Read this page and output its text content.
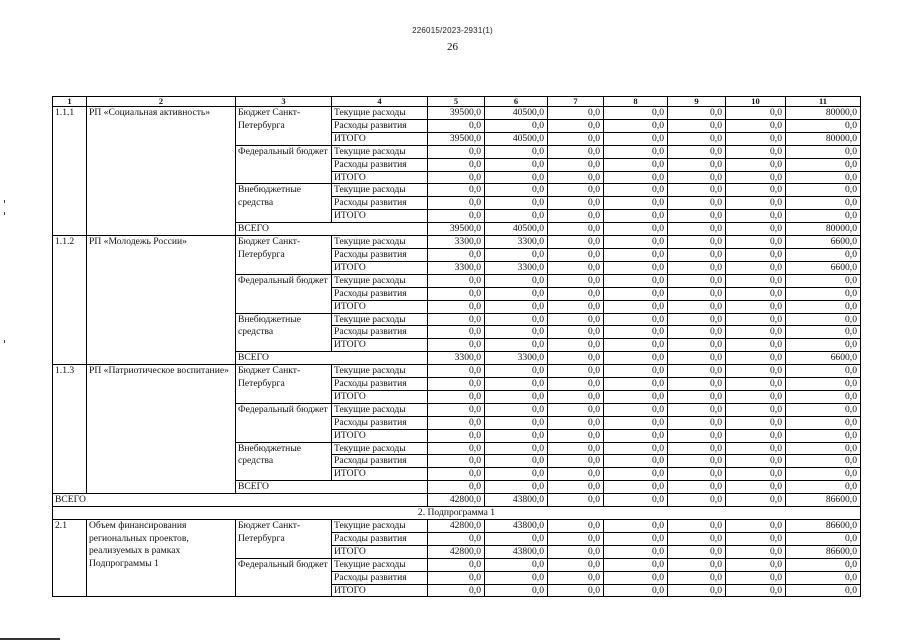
226015/2023-2931(1)
26
1	2	3	4	5	6	7	8	9	10	11
1.1.1	РП «Социальная активность»	Бюджет Санкт-Петербурга	Текущие расходы	39500,0	40500,0	0,0	0,0	0,0	0,0	80000,0
			Расходы развития	0,0	0,0	0,0	0,0	0,0	0,0	0,0
			ИТОГО	39500,0	40500,0	0,0	0,0	0,0	0,0	80000,0
		Федеральный бюджет	Текущие расходы	0,0	0,0	0,0	0,0	0,0	0,0	0,0
			Расходы развития	0,0	0,0	0,0	0,0	0,0	0,0	0,0
			ИТОГО	0,0	0,0	0,0	0,0	0,0	0,0	0,0
		Внебюджетные средства	Текущие расходы	0,0	0,0	0,0	0,0	0,0	0,0	0,0
			Расходы развития	0,0	0,0	0,0	0,0	0,0	0,0	0,0
			ИТОГО	0,0	0,0	0,0	0,0	0,0	0,0	0,0
		ВСЕГО		39500,0	40500,0	0,0	0,0	0,0	0,0	80000,0
1.1.2	РП «Молодежь России»	Бюджет Санкт-Петербурга	Текущие расходы	3300,0	3300,0	0,0	0,0	0,0	0,0	6600,0
			Расходы развития	0,0	0,0	0,0	0,0	0,0	0,0	0,0
			ИТОГО	3300,0	3300,0	0,0	0,0	0,0	0,0	6600,0
		Федеральный бюджет	Текущие расходы	0,0	0,0	0,0	0,0	0,0	0,0	0,0
			Расходы развития	0,0	0,0	0,0	0,0	0,0	0,0	0,0
			ИТОГО	0,0	0,0	0,0	0,0	0,0	0,0	0,0
		Внебюджетные средства	Текущие расходы	0,0	0,0	0,0	0,0	0,0	0,0	0,0
			Расходы развития	0,0	0,0	0,0	0,0	0,0	0,0	0,0
			ИТОГО	0,0	0,0	0,0	0,0	0,0	0,0	0,0
		ВСЕГО		3300,0	3300,0	0,0	0,0	0,0	0,0	6600,0
1.1.3	РП «Патриотическое воспитание»	Бюджет Санкт-Петербурга	Текущие расходы	0,0	0,0	0,0	0,0	0,0	0,0	0,0
			Расходы развития	0,0	0,0	0,0	0,0	0,0	0,0	0,0
			ИТОГО	0,0	0,0	0,0	0,0	0,0	0,0	0,0
		Федеральный бюджет	Текущие расходы	0,0	0,0	0,0	0,0	0,0	0,0	0,0
			Расходы развития	0,0	0,0	0,0	0,0	0,0	0,0	0,0
			ИТОГО	0,0	0,0	0,0	0,0	0,0	0,0	0,0
		Внебюджетные средства	Текущие расходы	0,0	0,0	0,0	0,0	0,0	0,0	0,0
			Расходы развития	0,0	0,0	0,0	0,0	0,0	0,0	0,0
			ИТОГО	0,0	0,0	0,0	0,0	0,0	0,0	0,0
		ВСЕГО		0,0	0,0	0,0	0,0	0,0	0,0	0,0
ВСЕГО				42800,0	43800,0	0,0	0,0	0,0	0,0	86600,0
2. Подпрограмма 1										
2.1	Объем финансирования региональных проектов, реализуемых в рамках Подпрограммы 1	Бюджет Санкт-Петербурга	Текущие расходы	42800,0	43800,0	0,0	0,0	0,0	0,0	86600,0
			Расходы развития	0,0	0,0	0,0	0,0	0,0	0,0	0,0
			ИТОГО	42800,0	43800,0	0,0	0,0	0,0	0,0	86600,0
		Федеральный бюджет	Текущие расходы	0,0	0,0	0,0	0,0	0,0	0,0	0,0
			Расходы развития	0,0	0,0	0,0	0,0	0,0	0,0	0,0
			ИТОГО	0,0	0,0	0,0	0,0	0,0	0,0	0,0
